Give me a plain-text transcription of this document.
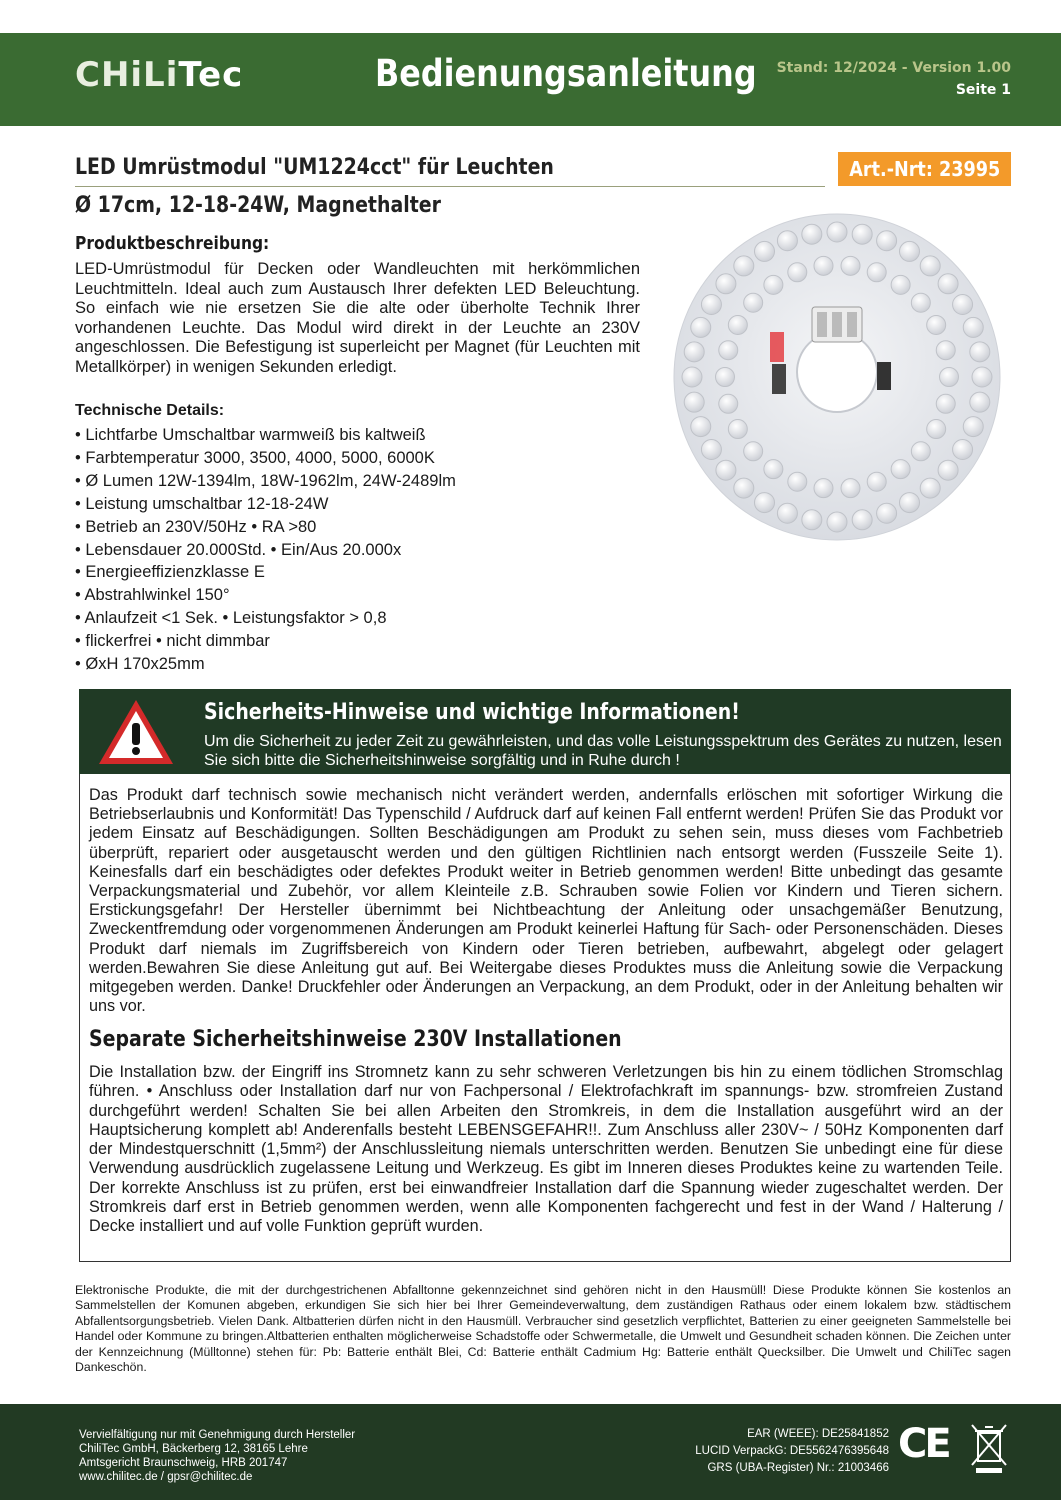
CHiLiTec	Bedienungsanleitung Stand: 12/2024 - Version 1.00
Seite 1
LED Umrüstmodul "UM1224cct" für Leuchten	Art.-Nrt: 23995
Ø 17cm, 12-18-24W, Magnethalter
Produktbeschreibung:
LED-Umrüstmodul für Decken oder Wandleuchten mit herkömmlichen Leuchtmitteln. Ideal auch zum Austausch Ihrer defekten LED Beleuchtung. So einfach wie nie ersetzen Sie die alte oder überholte Technik Ihrer vorhandenen Leuchte. Das Modul wird direkt in der Leuchte an 230V angeschlossen. Die Befestigung ist superleicht per Magnet (für Leuchten mit Metallkörper) in wenigen Sekunden erledigt.
Technische Details:
• Lichtfarbe Umschaltbar warmweiß bis kaltweiß
• Farbtemperatur 3000, 3500, 4000, 5000, 6000K
• Ø Lumen 12W-1394lm, 18W-1962lm, 24W-2489lm
• Leistung umschaltbar 12-18-24W
• Betrieb an 230V/50Hz • RA >80
• Lebensdauer 20.000Std. • Ein/Aus 20.000x
• Energieeffizienzklasse E
• Abstrahlwinkel 150°
• Anlaufzeit <1 Sek. • Leistungsfaktor > 0,8
• flickerfrei • nicht dimmbar
• ØxH 170x25mm
Sicherheits-Hinweise und wichtige Informationen!
Um die Sicherheit zu jeder Zeit zu gewährleisten, und das volle Leistungsspektrum des Gerätes zu nutzen, lesen Sie sich bitte die Sicherheitshinweise sorgfältig und in Ruhe durch !
Das Produkt darf technisch sowie mechanisch nicht verändert werden, andernfalls erlöschen mit sofortiger Wirkung die Betriebserlaubnis und Konformität! Das Typenschild / Aufdruck darf auf keinen Fall entfernt werden! Prüfen Sie das Produkt vor jedem Einsatz auf Beschädigungen. Sollten Beschädigungen am Produkt zu sehen sein, muss dieses vom Fachbetrieb überprüft, repariert oder ausgetauscht werden und den gültigen Richtlinien nach entsorgt werden (Fusszeile Seite 1). Keinesfalls darf ein beschädigtes oder defektes Produkt weiter in Betrieb genommen werden! Bitte unbedingt das gesamte Verpackungsmaterial und Zubehör, vor allem Kleinteile z.B. Schrauben sowie Folien vor Kindern und Tieren sichern. Erstickungsgefahr! Der Hersteller übernimmt bei Nichtbeachtung der Anleitung oder unsachgemäßer Benutzung, Zweckentfremdung oder vorgenommenen Änderungen am Produkt keinerlei Haftung für Sach- oder Personenschäden. Dieses Produkt darf niemals im Zugriffsbereich von Kindern oder Tieren betrieben, aufbewahrt, abgelegt oder gelagert werden.Bewahren Sie diese Anleitung gut auf. Bei Weitergabe dieses Produktes muss die Anleitung sowie die Verpackung mitgegeben werden. Danke! Druckfehler oder Änderungen an Verpackung, an dem Produkt, oder in der Anleitung behalten wir uns vor.
Separate Sicherheitshinweise 230V Installationen
Die Installation bzw. der Eingriff ins Stromnetz kann zu sehr schweren Verletzungen bis hin zu einem tödlichen Stromschlag führen. • Anschluss oder Installation darf nur von Fachpersonal / Elektrofachkraft im spannungs- bzw. stromfreien Zustand durchgeführt werden! Schalten Sie bei allen Arbeiten den Stromkreis, in dem die Installation ausgeführt wird an der Hauptsicherung komplett ab! Anderenfalls besteht LEBENSGEFAHR!!. Zum Anschluss aller 230V~ / 50Hz Komponenten darf der Mindestquerschnitt (1,5mm²) der Anschlussleitung niemals unterschritten werden. Benutzen Sie unbedingt eine für diese Verwendung ausdrücklich zugelassene Leitung und Werkzeug. Es gibt im Inneren dieses Produktes keine zu wartenden Teile. Der korrekte Anschluss ist zu prüfen, erst bei einwandfreier Installation darf die Spannung wieder zugeschaltet werden. Der Stromkreis darf erst in Betrieb genommen werden, wenn alle Komponenten fachgerecht und fest in der Wand / Halterung / Decke installiert und auf volle Funktion geprüft wurden.
Elektronische Produkte, die mit der durchgestrichenen Abfalltonne gekennzeichnet sind gehören nicht in den Hausmüll! Diese Produkte können Sie kostenlos an Sammelstellen der Komunen abgeben, erkundigen Sie sich hier bei Ihrer Gemeindeverwaltung, dem zuständigen Rathaus oder einem lokalem bzw. städtischem Abfallentsorgungsbetrieb. Vielen Dank. Altbatterien dürfen nicht in den Hausmüll. Verbraucher sind gesetzlich verpflichtet, Batterien zu einer geeigneten Sammelstelle bei Handel oder Kommune zu bringen.Altbatterien enthalten möglicherweise Schadstoffe oder Schwermetalle, die Umwelt und Gesundheit schaden können. Die Zeichen unter der Kennzeichnung (Mülltonne) stehen für: Pb: Batterie enthält Blei, Cd: Batterie enthält Cadmium Hg: Batterie enthält Quecksilber. Die Umwelt und ChiliTec sagen Dankeschön.
Vervielfältigung nur mit Genehmigung durch Hersteller
ChiliTec GmbH, Bäckerberg 12, 38165 Lehre
Amtsgericht Braunschweig, HRB 201747
www.chilitec.de / gpsr@chilitec.de
EAR (WEEE): DE25841852
LUCID VerpackG: DE5562476395648
GRS (UBA-Register) Nr.: 21003466
CE
